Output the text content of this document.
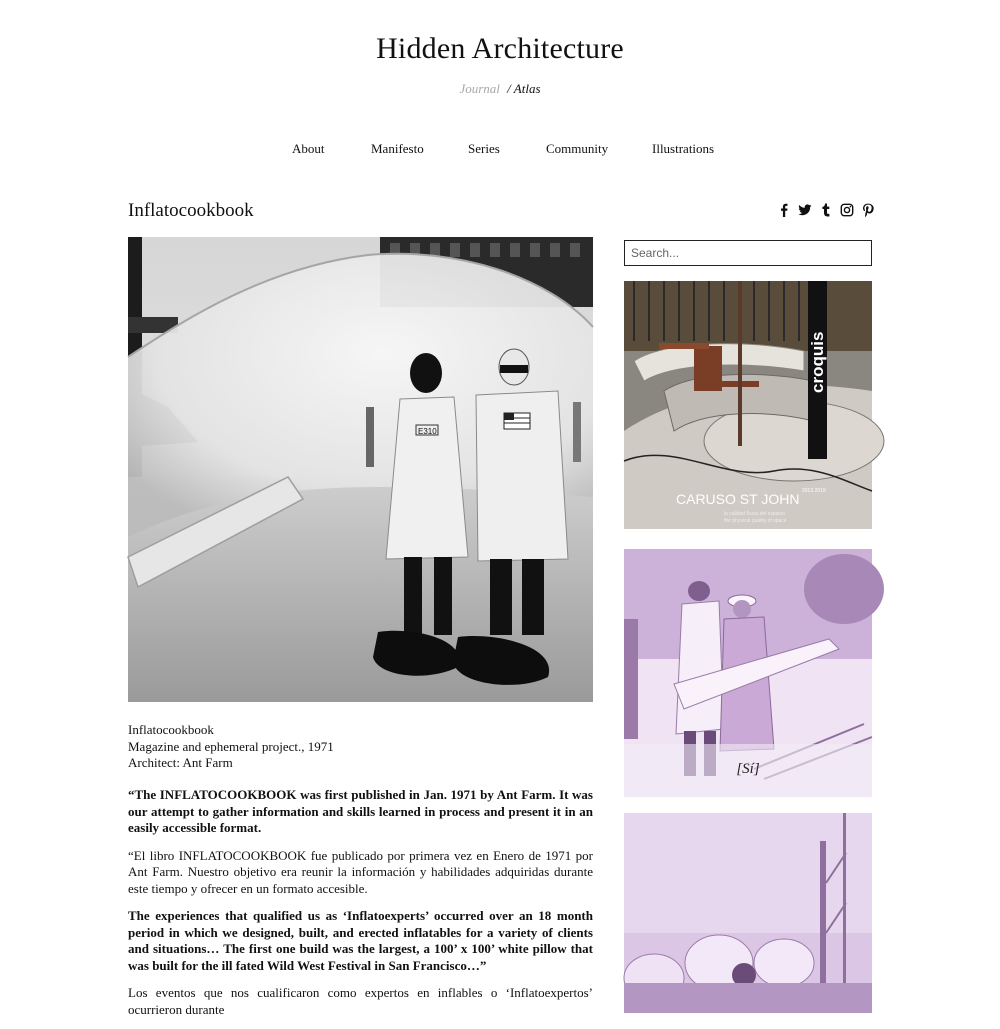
Hidden Architecture
Journal / Atlas
About	Manifesto	Series	Community	Illustrations
Inflatocookbook
E310
Inflatocookbook
Magazine and ephemeral project., 1971
Architect: Ant Farm

“The INFLATOCOOKBOOK was first published in Jan. 1971 by Ant Farm. It was our attempt to gather information and skills learned in process and present it in an easily accessible format.

“El libro INFLATOCOOKBOOK fue publicado por primera vez en Enero de 1971 por Ant Farm. Nuestro objetivo era reunir la información y habilidades adquiridas durante este tiempo y ofrecer en un formato accesible.

The experiences that qualified us as ‘Inflatoexperts’ occurred over an 18 month period in which we designed, built, and erected inflatables for a variety of clients and situations… The first one build was the largest, a 100’ x 100’ white pillow that was built for the ill fated Wild West Festival in San Francisco…”

Los eventos que nos cualificaron como expertos en inflables o ‘Inflatoexpertos’ ocurrieron durante

Search...
croquis
2013 2019
CARUSO ST JOHN
la calidad física del espacio
the physical quality of space
[Sí]
